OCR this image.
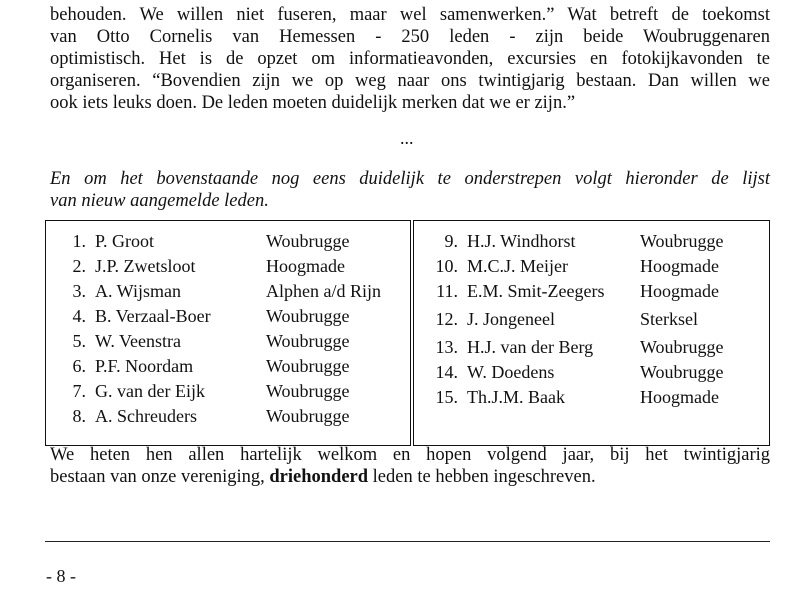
behouden. We willen niet fuseren, maar wel samenwerken.” Wat betreft de toekomst
van Otto Cornelis van Hemessen - 250 leden - zijn beide Woubruggenaren
optimistisch. Het is de opzet om informatieavonden, excursies en fotokijkavonden te
organiseren. “Bovendien zijn we op weg naar ons twintigjarig bestaan. Dan willen we
ook iets leuks doen. De leden moeten duidelijk merken dat we er zijn.”

...

En om het bovenstaande nog eens duidelijk te onderstrepen volgt hieronder de lijst
van nieuw aangemelde leden.

1. P. Groot	Woubrugge
2. J.P. Zwetsloot	Hoogmade
3. A. Wijsman	Alphen a/d Rijn
4. B. Verzaal-Boer	Woubrugge
5. W. Veenstra	Woubrugge
6. P.F. Noordam	Woubrugge
7. G. van der Eijk	Woubrugge
8. A. Schreuders	Woubrugge
9. H.J. Windhorst	Woubrugge
10. M.C.J. Meijer	Hoogmade
11. E.M. Smit-Zeegers Hoogmade
12. J. Jongeneel	Sterksel
13. H.J. van der Berg	Woubrugge
14. W. Doedens	Woubrugge
15. Th.J.M. Baak	Hoogmade

We heten hen allen hartelijk welkom en hopen volgend jaar, bij het twintigjarig
bestaan van onze vereniging, driehonderd leden te hebben ingeschreven.

- 8 -
